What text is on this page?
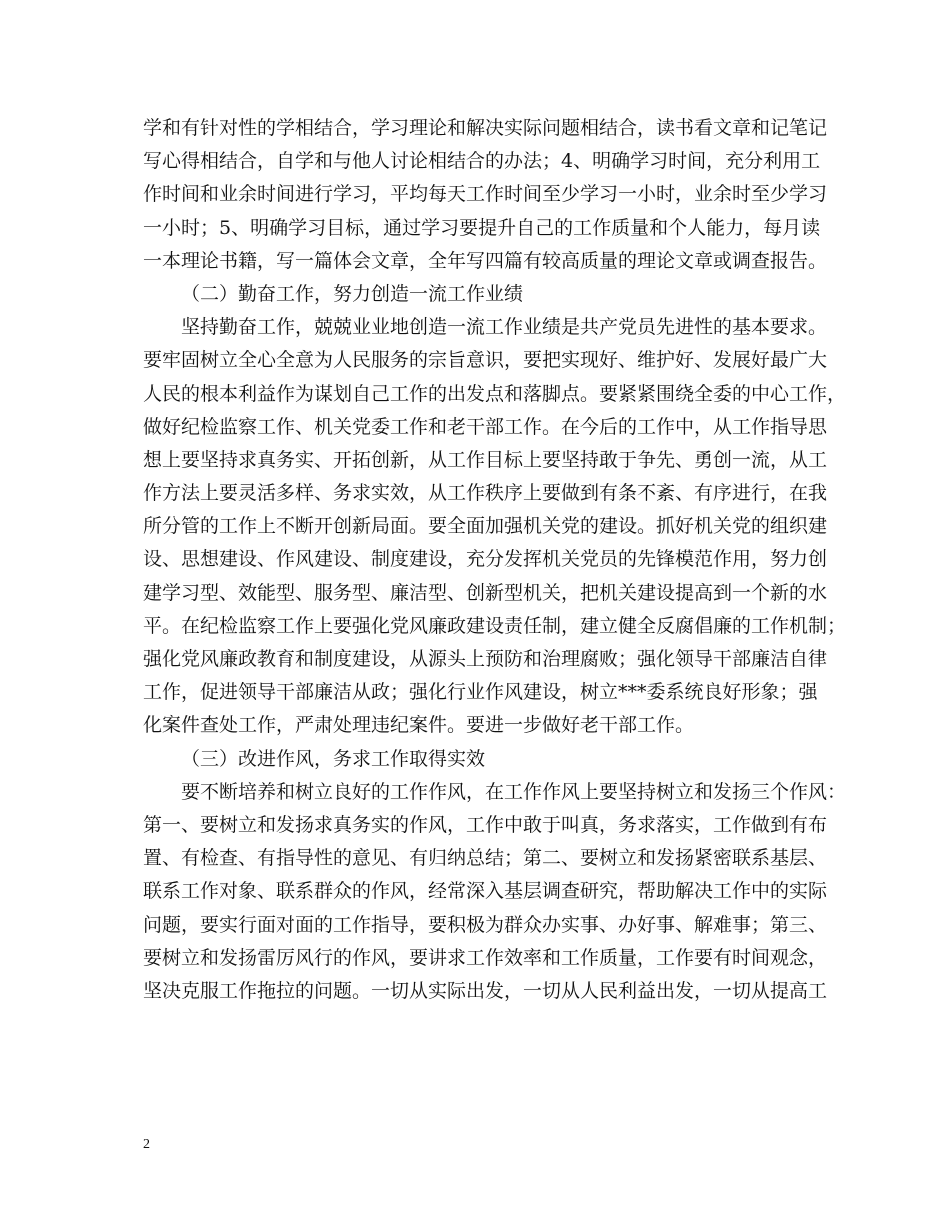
学和有针对性的学相结合，学习理论和解决实际问题相结合，读书看文章和记笔记
写心得相结合，自学和与他人讨论相结合的办法；4、明确学习时间，充分利用工
作时间和业余时间进行学习，平均每天工作时间至少学习一小时，业余时至少学习
一小时；5、明确学习目标，通过学习要提升自己的工作质量和个人能力，每月读
一本理论书籍，写一篇体会文章，全年写四篇有较高质量的理论文章或调查报告。
（二）勤奋工作，努力创造一流工作业绩
坚持勤奋工作，兢兢业业地创造一流工作业绩是共产党员先进性的基本要求。
要牢固树立全心全意为人民服务的宗旨意识，要把实现好、维护好、发展好最广大
人民的根本利益作为谋划自己工作的出发点和落脚点。要紧紧围绕全委的中心工作，
做好纪检监察工作、机关党委工作和老干部工作。在今后的工作中，从工作指导思
想上要坚持求真务实、开拓创新，从工作目标上要坚持敢于争先、勇创一流，从工
作方法上要灵活多样、务求实效，从工作秩序上要做到有条不紊、有序进行，在我
所分管的工作上不断开创新局面。要全面加强机关党的建设。抓好机关党的组织建
设、思想建设、作风建设、制度建设，充分发挥机关党员的先锋模范作用，努力创
建学习型、效能型、服务型、廉洁型、创新型机关，把机关建设提高到一个新的水
平。在纪检监察工作上要强化党风廉政建设责任制，建立健全反腐倡廉的工作机制；
强化党风廉政教育和制度建设，从源头上预防和治理腐败；强化领导干部廉洁自律
工作，促进领导干部廉洁从政；强化行业作风建设，树立***委系统良好形象；强
化案件查处工作，严肃处理违纪案件。要进一步做好老干部工作。
（三）改进作风，务求工作取得实效
要不断培养和树立良好的工作作风，在工作作风上要坚持树立和发扬三个作风：
第一、要树立和发扬求真务实的作风，工作中敢于叫真，务求落实，工作做到有布
置、有检查、有指导性的意见、有归纳总结；第二、要树立和发扬紧密联系基层、
联系工作对象、联系群众的作风，经常深入基层调查研究，帮助解决工作中的实际
问题，要实行面对面的工作指导，要积极为群众办实事、办好事、解难事；第三、
要树立和发扬雷厉风行的作风，要讲求工作效率和工作质量，工作要有时间观念，
坚决克服工作拖拉的问题。一切从实际出发，一切从人民利益出发，一切从提高工
2
